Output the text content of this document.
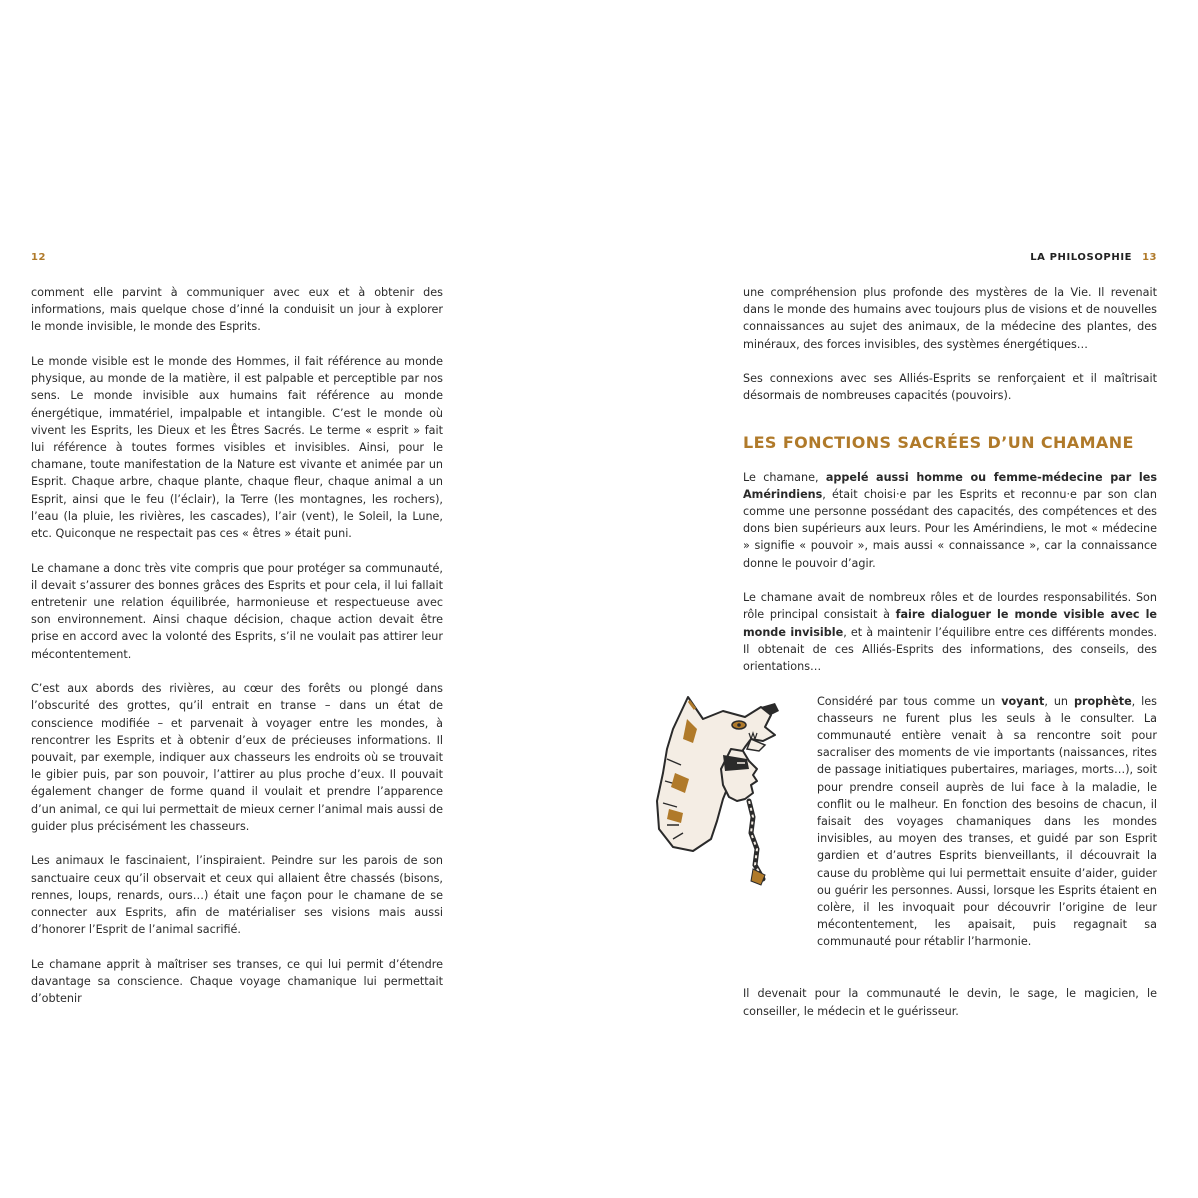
12

comment elle parvint à communiquer avec eux et à obtenir des informations, mais quelque chose d’inné la conduisit un jour à explorer le monde invisible, le monde des Esprits.

Le monde visible est le monde des Hommes, il fait référence au monde physique, au monde de la matière, il est palpable et perceptible par nos sens. Le monde invisible aux humains fait référence au monde énergétique, immatériel, impalpable et intangible. C’est le monde où vivent les Esprits, les Dieux et les Êtres Sacrés. Le terme « esprit » fait lui référence à toutes formes visibles et invisibles. Ainsi, pour le chamane, toute manifestation de la Nature est vivante et animée par un Esprit. Chaque arbre, chaque plante, chaque fleur, chaque animal a un Esprit, ainsi que le feu (l’éclair), la Terre (les montagnes, les rochers), l’eau (la pluie, les rivières, les cascades), l’air (vent), le Soleil, la Lune, etc. Quiconque ne respectait pas ces « êtres » était puni.

Le chamane a donc très vite compris que pour protéger sa communauté, il devait s’assurer des bonnes grâces des Esprits et pour cela, il lui fallait entretenir une relation équilibrée, harmonieuse et respectueuse avec son environnement. Ainsi chaque décision, chaque action devait être prise en accord avec la volonté des Esprits, s’il ne voulait pas attirer leur mécontentement.

C’est aux abords des rivières, au cœur des forêts ou plongé dans l’obscurité des grottes, qu’il entrait en transe – dans un état de conscience modifiée – et parvenait à voyager entre les mondes, à rencontrer les Esprits et à obtenir d’eux de précieuses informations. Il pouvait, par exemple, indiquer aux chasseurs les endroits où se trouvait le gibier puis, par son pouvoir, l’attirer au plus proche d’eux. Il pouvait également changer de forme quand il voulait et prendre l’apparence d’un animal, ce qui lui permettait de mieux cerner l’animal mais aussi de guider plus précisément les chasseurs.

Les animaux le fascinaient, l’inspiraient. Peindre sur les parois de son sanctuaire ceux qu’il observait et ceux qui allaient être chassés (bisons, rennes, loups, renards, ours…) était une façon pour le chamane de se connecter aux Esprits, afin de matérialiser ses visions mais aussi d’honorer l’Esprit de l’animal sacrifié.

Le chamane apprit à maîtriser ses transes, ce qui lui permit d’étendre davantage sa conscience. Chaque voyage chamanique lui permettait d’obtenir

LA PHILOSOPHIE 13

une compréhension plus profonde des mystères de la Vie. Il revenait dans le monde des humains avec toujours plus de visions et de nouvelles connaissances au sujet des animaux, de la médecine des plantes, des minéraux, des forces invisibles, des systèmes énergétiques…

Ses connexions avec ses Alliés-Esprits se renforçaient et il maîtrisait désormais de nombreuses capacités (pouvoirs).

LES FONCTIONS SACRÉES D’UN CHAMANE

Le chamane, appelé aussi homme ou femme-médecine par les Amérindiens, était choisi·e par les Esprits et reconnu·e par son clan comme une personne possédant des capacités, des compétences et des dons bien supérieurs aux leurs. Pour les Amérindiens, le mot « médecine » signifie « pouvoir », mais aussi « connaissance », car la connaissance donne le pouvoir d’agir.

Le chamane avait de nombreux rôles et de lourdes responsabilités. Son rôle principal consistait à faire dialoguer le monde visible avec le monde invisible, et à maintenir l’équilibre entre ces différents mondes. Il obtenait de ces Alliés-Esprits des informations, des conseils, des orientations…

Considéré par tous comme un voyant, un prophète, les chasseurs ne furent plus les seuls à le consulter. La communauté entière venait à sa rencontre soit pour sacraliser des moments de vie importants (naissances, rites de passage initiatiques pubertaires, mariages, morts…), soit pour prendre conseil auprès de lui face à la maladie, le conflit ou le malheur. En fonction des besoins de chacun, il faisait des voyages chamaniques dans les mondes invisibles, au moyen des transes, et guidé par son Esprit gardien et d’autres Esprits bienveillants, il découvrait la cause du problème qui lui permettait ensuite d’aider, guider ou guérir les personnes. Aussi, lorsque les Esprits étaient en colère, il les invoquait pour découvrir l’origine de leur mécontentement, les apaisait, puis regagnait sa communauté pour rétablir l’harmonie.

Il devenait pour la communauté le devin, le sage, le magicien, le conseiller, le médecin et le guérisseur.
